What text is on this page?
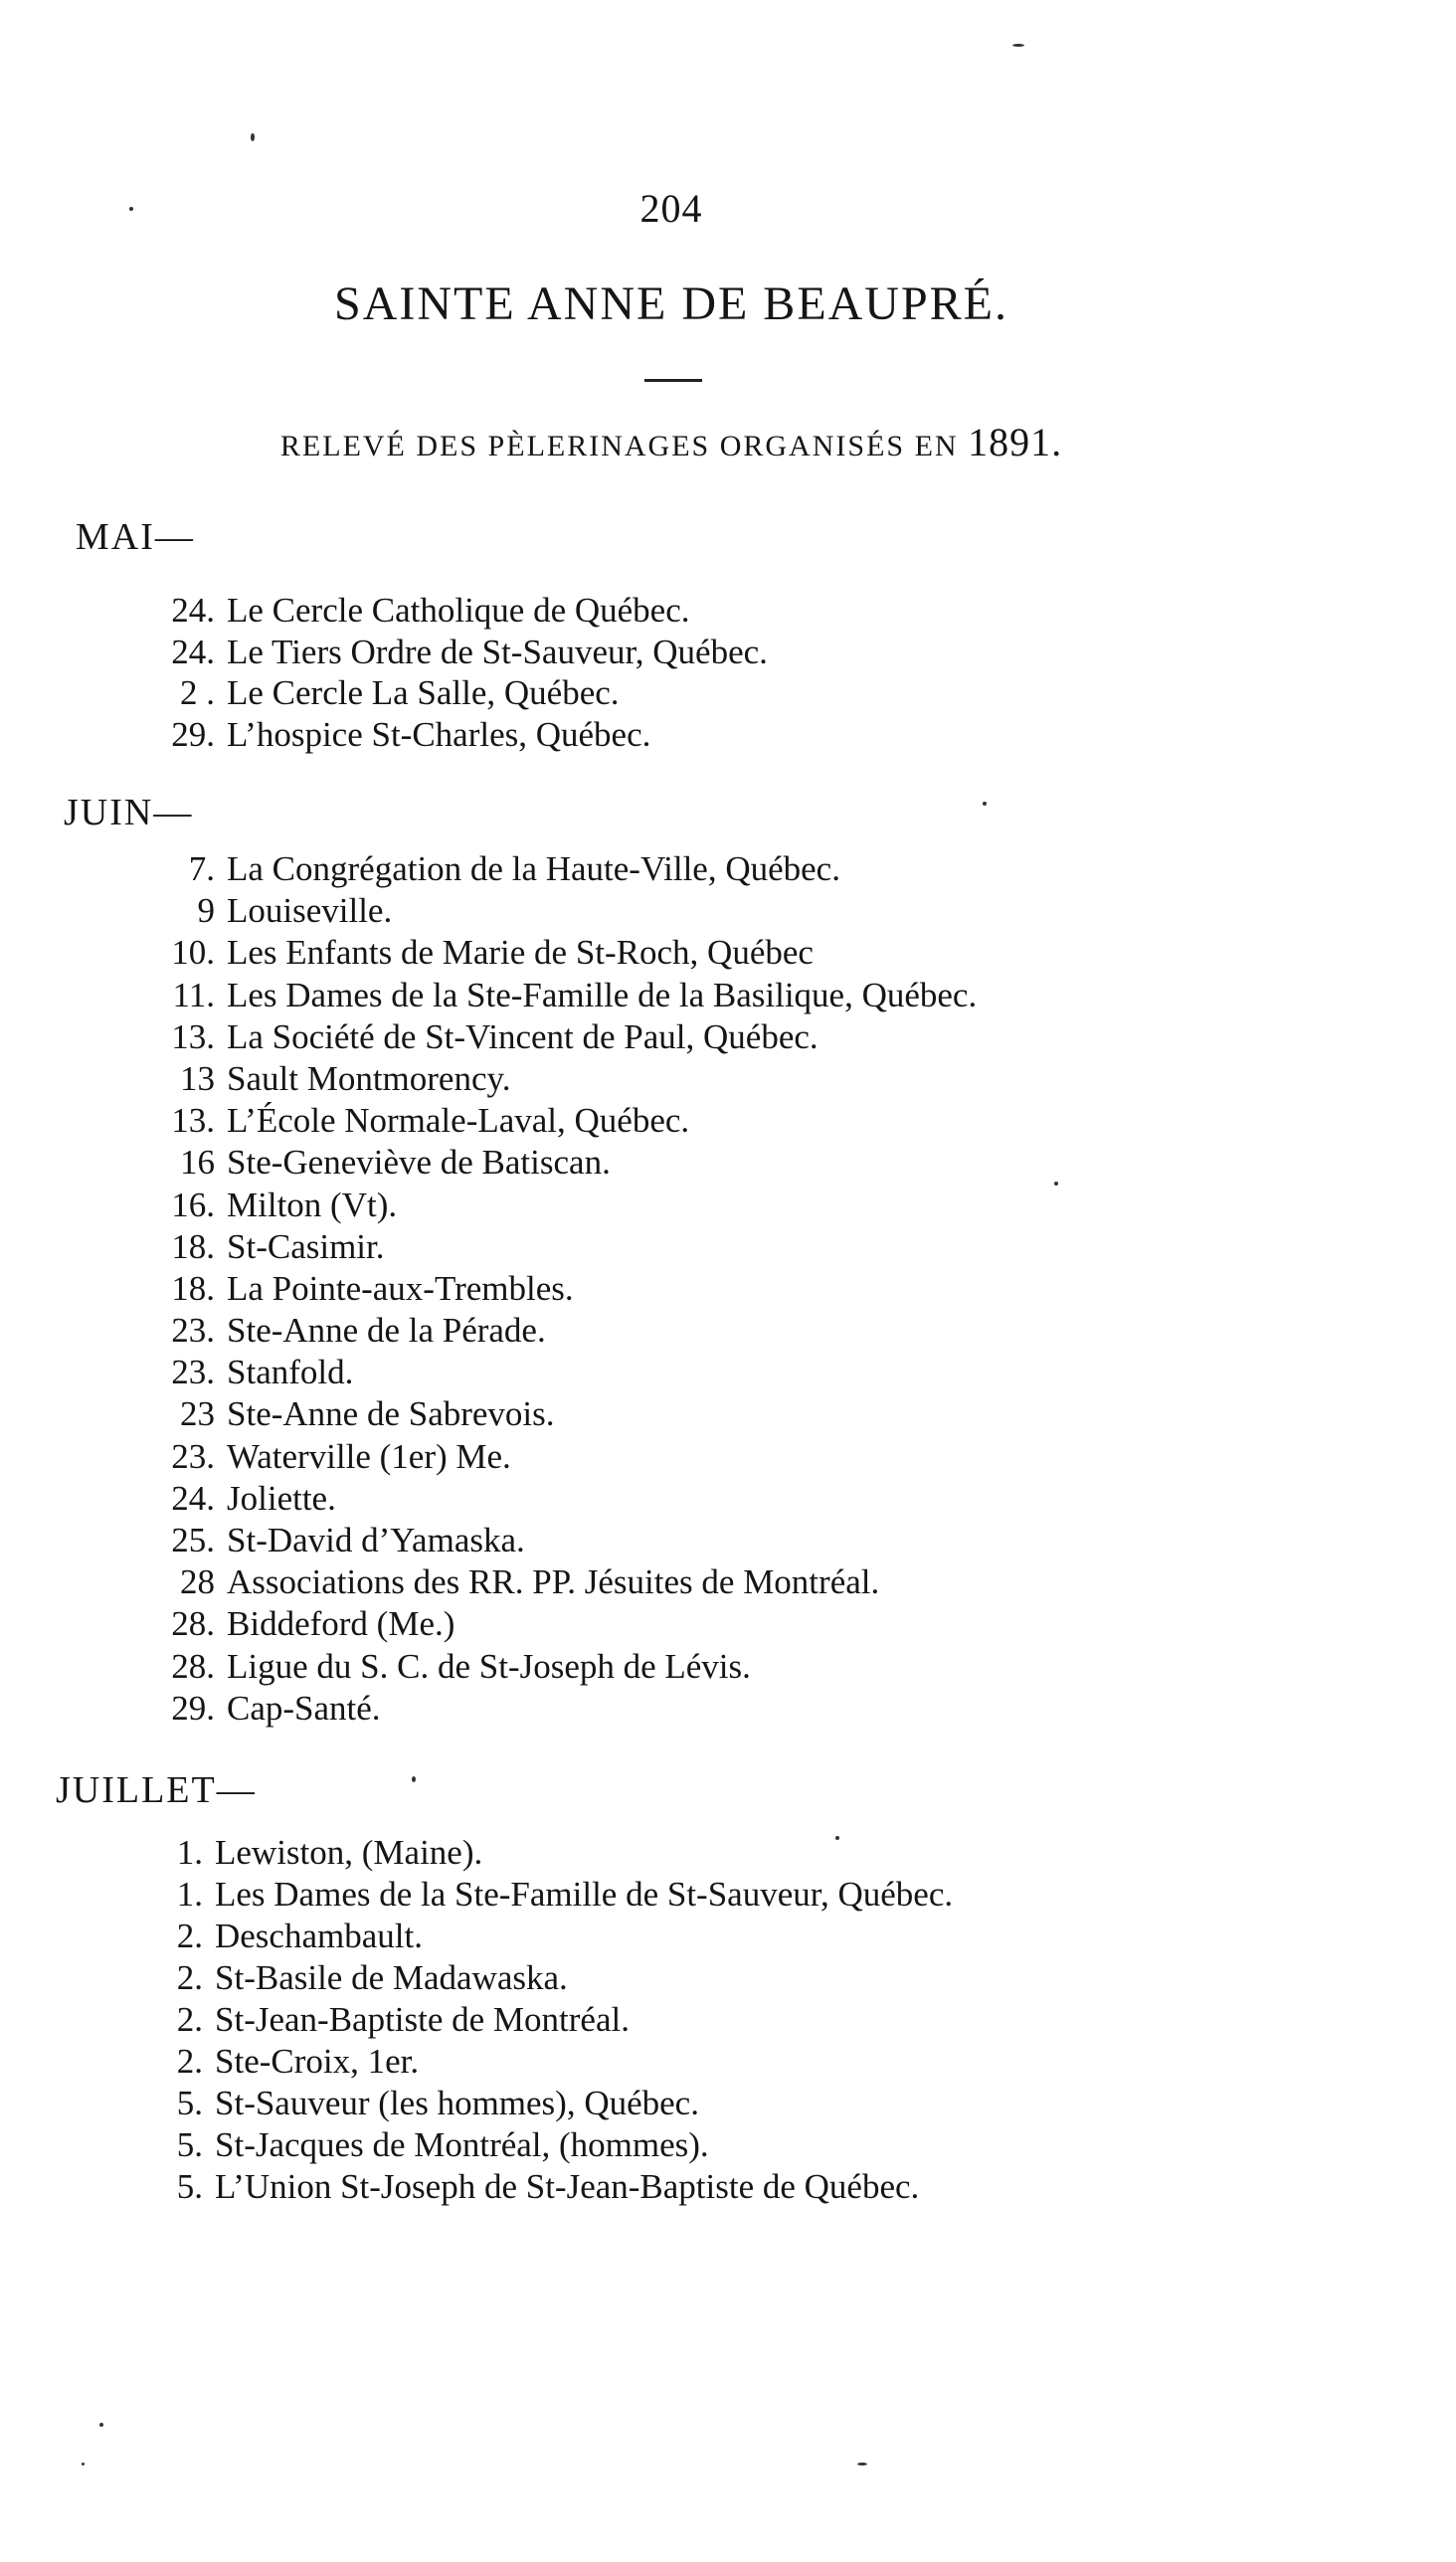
204
SAINTE ANNE DE BEAUPRÉ.
RELEVÉ DES PÈLERINAGES ORGANISÉS EN 1891.
MAI—
24. Le Cercle Catholique de Québec.
24. Le Tiers Ordre de St-Sauveur, Québec.
2 . Le Cercle La Salle, Québec.
29. L’hospice St-Charles, Québec.
JUIN—
7. La Congrégation de la Haute-Ville, Québec.
9 Louiseville.
10. Les Enfants de Marie de St-Roch, Québec
11. Les Dames de la Ste-Famille de la Basilique, Québec.
13. La Société de St-Vincent de Paul, Québec.
13 Sault Montmorency.
13. L’École Normale-Laval, Québec.
16 Ste-Geneviève de Batiscan.
16. Milton (Vt).
18. St-Casimir.
18. La Pointe-aux-Trembles.
23. Ste-Anne de la Pérade.
23. Stanfold.
23 Ste-Anne de Sabrevois.
23. Waterville (1er) Me.
24. Joliette.
25. St-David d’Yamaska.
28 Associations des RR. PP. Jésuites de Montréal.
28. Biddeford (Me.)
28. Ligue du S. C. de St-Joseph de Lévis.
29. Cap-Santé.
JUILLET—
1. Lewiston, (Maine).
1. Les Dames de la Ste-Famille de St-Sauveur, Québec.
2. Deschambault.
2. St-Basile de Madawaska.
2. St-Jean-Baptiste de Montréal.
2. Ste-Croix, 1er.
5. St-Sauveur (les hommes), Québec.
5. St-Jacques de Montréal, (hommes).
5. L’Union St-Joseph de St-Jean-Baptiste de Québec.
